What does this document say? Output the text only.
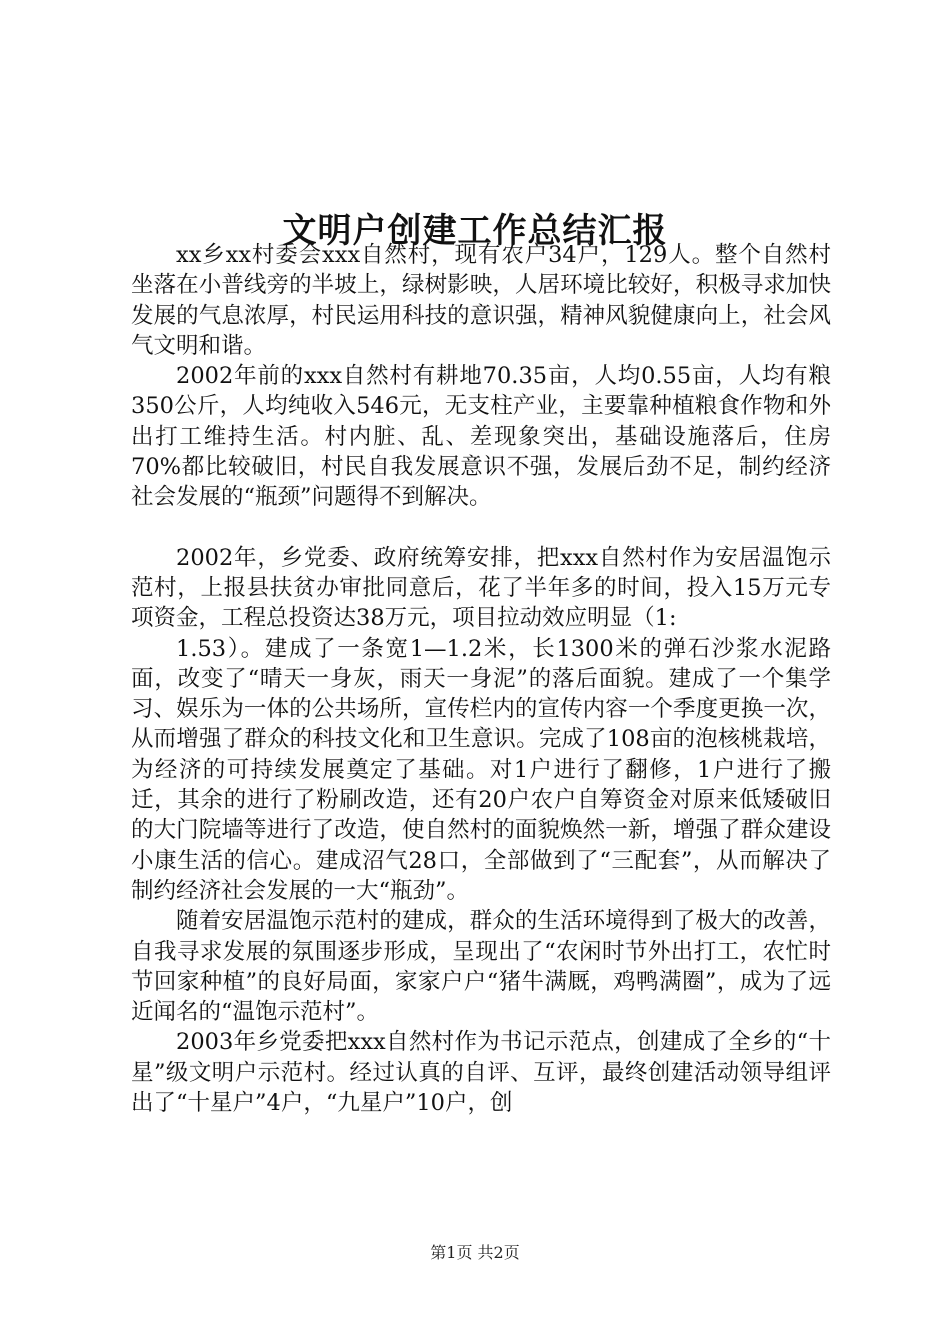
文明户创建工作总结汇报

xx乡xx村委会xxx自然村，现有农户34户，129人。整个自然村坐落在小普线旁的半坡上，绿树影映，人居环境比较好，积极寻求加快发展的气息浓厚，村民运用科技的意识强，精神风貌健康向上，社会风气文明和谐。

2002年前的xxx自然村有耕地70.35亩，人均0.55亩，人均有粮350公斤，人均纯收入546元，无支柱产业，主要靠种植粮食作物和外出打工维持生活。村内脏、乱、差现象突出，基础设施落后，住房70%都比较破旧，村民自我发展意识不强，发展后劲不足，制约经济社会发展的“瓶颈”问题得不到解决。

2002年，乡党委、政府统筹安排，把xxx自然村作为安居温饱示范村，上报县扶贫办审批同意后，花了半年多的时间，投入15万元专项资金，工程总投资达38万元，项目拉动效应明显（1:

1.53）。建成了一条宽1—1.2米，长1300米的弹石沙浆水泥路面，改变了“晴天一身灰，雨天一身泥”的落后面貌。建成了一个集学习、娱乐为一体的公共场所，宣传栏内的宣传内容一个季度更换一次，从而增强了群众的科技文化和卫生意识。完成了108亩的泡核桃栽培，为经济的可持续发展奠定了基础。对1户进行了翻修，1户进行了搬迁，其余的进行了粉刷改造，还有20户农户自筹资金对原来低矮破旧的大门院墙等进行了改造，使自然村的面貌焕然一新，增强了群众建设小康生活的信心。建成沼气28口，全部做到了“三配套”，从而解决了制约经济社会发展的一大“瓶劲”。

随着安居温饱示范村的建成，群众的生活环境得到了极大的改善，自我寻求发展的氛围逐步形成，呈现出了“农闲时节外出打工，农忙时节回家种植”的良好局面，家家户户“猪牛满厩，鸡鸭满圈”，成为了远近闻名的“温饱示范村”。

2003年乡党委把xxx自然村作为书记示范点，创建成了全乡的“十星”级文明户示范村。经过认真的自评、互评，最终创建活动领导组评出了“十星户”4户，“九星户”10户，创

第1页 共2页
